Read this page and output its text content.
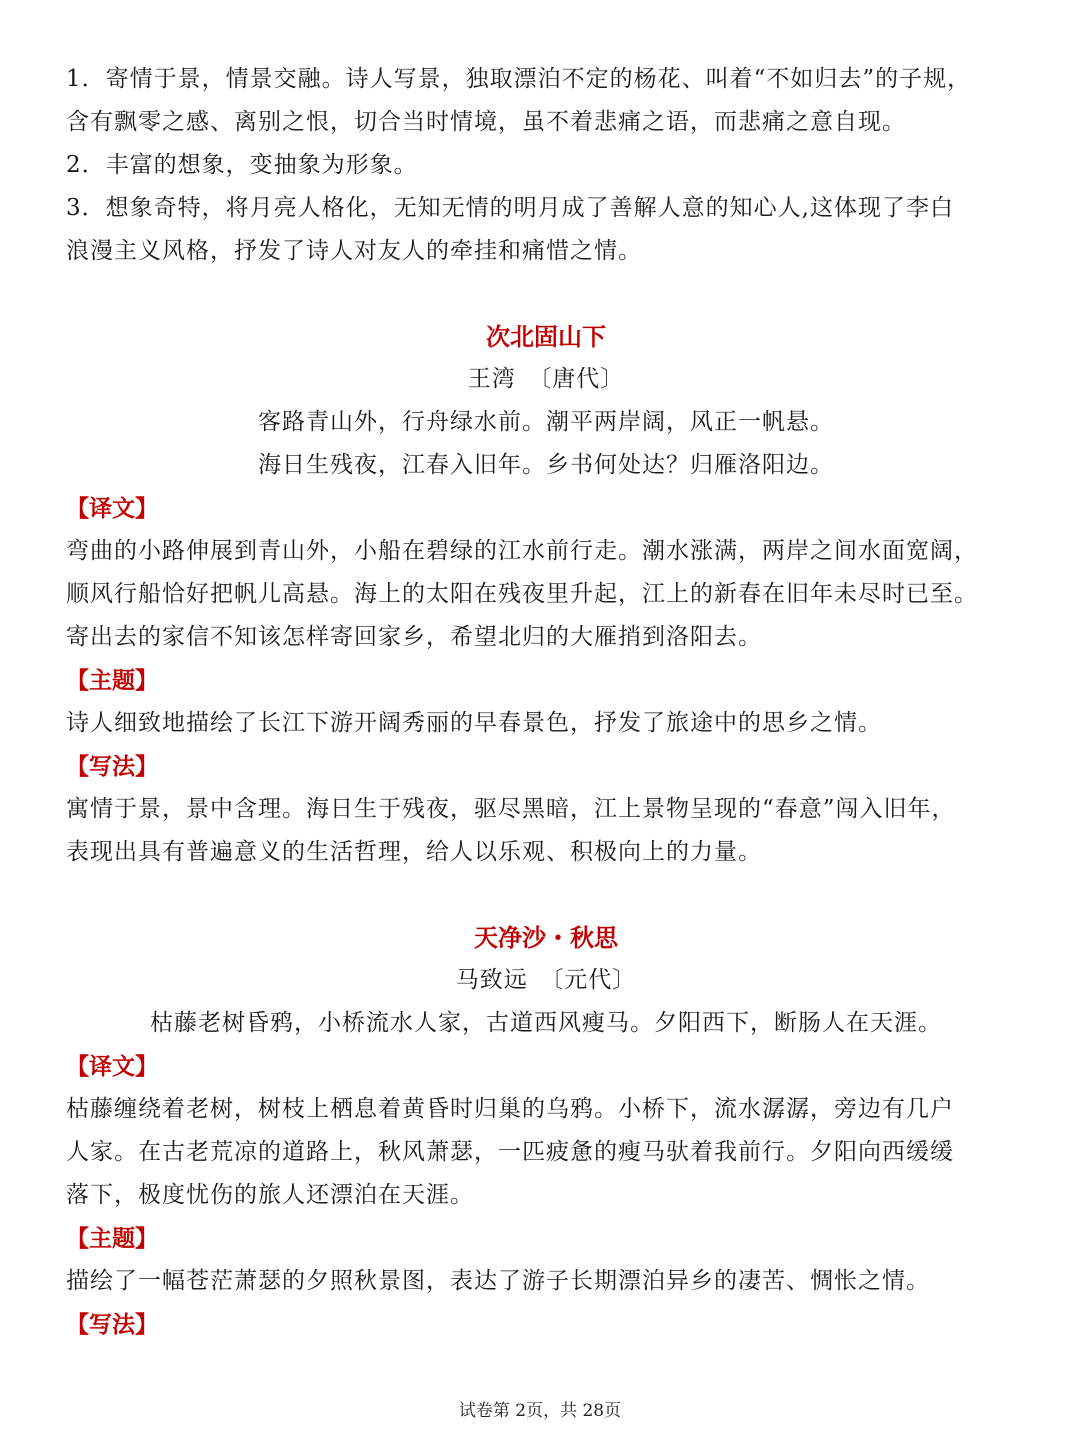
1．寄情于景，情景交融。诗人写景，独取漂泊不定的杨花、叫着“不如归去”的子规，

含有飘零之感、离别之恨，切合当时情境，虽不着悲痛之语，而悲痛之意自现。

2．丰富的想象，变抽象为形象。

3．想象奇特，将月亮人格化，无知无情的明月成了善解人意的知心人,这体现了李白

浪漫主义风格，抒发了诗人对友人的牵挂和痛惜之情。

次北固山下

王湾　〔唐代〕

客路青山外，行舟绿水前。潮平两岸阔，风正一帆悬。

海日生残夜，江春入旧年。乡书何处达？归雁洛阳边。

【译文】

弯曲的小路伸展到青山外，小船在碧绿的江水前行走。潮水涨满，两岸之间水面宽阔，

顺风行船恰好把帆儿高悬。海上的太阳在残夜里升起，江上的新春在旧年未尽时已至。

寄出去的家信不知该怎样寄回家乡，希望北归的大雁捎到洛阳去。

【主题】

诗人细致地描绘了长江下游开阔秀丽的早春景色，抒发了旅途中的思乡之情。

【写法】

寓情于景，景中含理。海日生于残夜，驱尽黑暗，江上景物呈现的“春意”闯入旧年，

表现出具有普遍意义的生活哲理，给人以乐观、积极向上的力量。

天净沙・秋思

马致远　〔元代〕

枯藤老树昏鸦，小桥流水人家，古道西风瘦马。夕阳西下，断肠人在天涯。

【译文】

枯藤缠绕着老树，树枝上栖息着黄昏时归巢的乌鸦。小桥下，流水潺潺，旁边有几户

人家。在古老荒凉的道路上，秋风萧瑟，一匹疲惫的瘦马驮着我前行。夕阳向西缓缓

落下，极度忧伤的旅人还漂泊在天涯。

【主题】

描绘了一幅苍茫萧瑟的夕照秋景图，表达了游子长期漂泊异乡的凄苦、惆怅之情。

【写法】

试卷第 2页，共 28页
